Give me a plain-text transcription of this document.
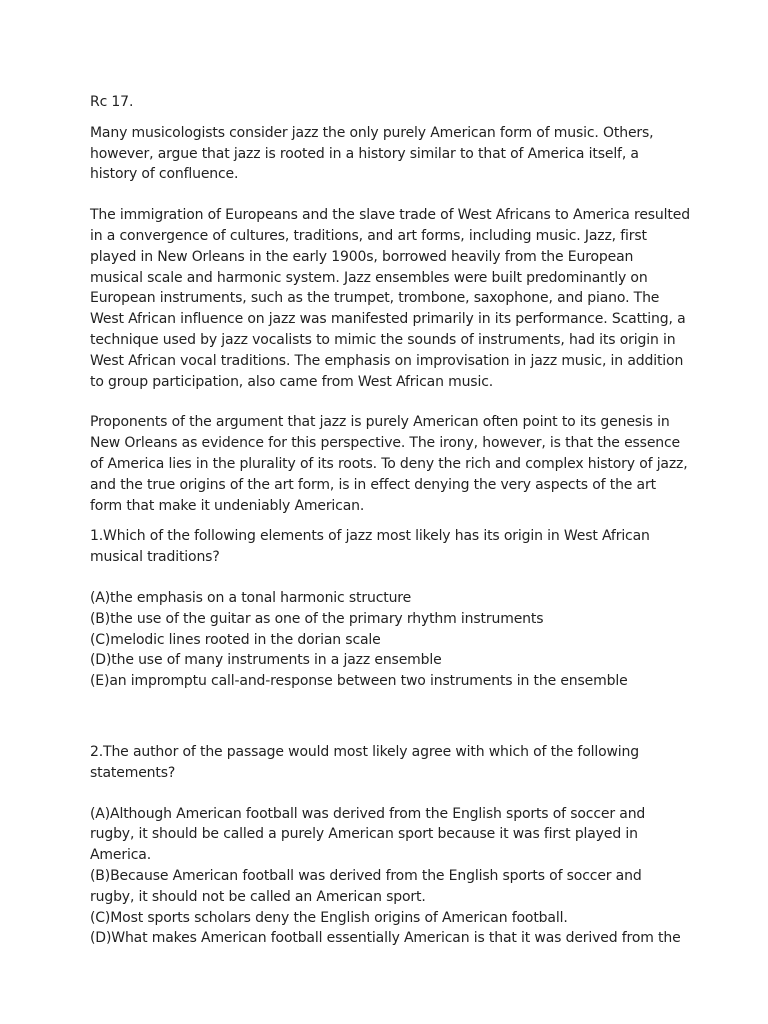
Rc 17.
Many musicologists consider jazz the only purely American form of music. Others, however, argue that jazz is rooted in a history similar to that of America itself, a history of confluence.
The immigration of Europeans and the slave trade of West Africans to America resulted in a convergence of cultures, traditions, and art forms, including music. Jazz, first played in New Orleans in the early 1900s, borrowed heavily from the European musical scale and harmonic system. Jazz ensembles were built predominantly on European instruments, such as the trumpet, trombone, saxophone, and piano. The West African influence on jazz was manifested primarily in its performance. Scatting, a technique used by jazz vocalists to mimic the sounds of instruments, had its origin in West African vocal traditions. The emphasis on improvisation in jazz music, in addition to group participation, also came from West African music.
Proponents of the argument that jazz is purely American often point to its genesis in New Orleans as evidence for this perspective. The irony, however, is that the essence of America lies in the plurality of its roots. To deny the rich and complex history of jazz, and the true origins of the art form, is in effect denying the very aspects of the art form that make it undeniably American.
1.Which of the following elements of jazz most likely has its origin in West African musical traditions?
(A)the emphasis on a tonal harmonic structure
(B)the use of the guitar as one of the primary rhythm instruments
(C)melodic lines rooted in the dorian scale
(D)the use of many instruments in a jazz ensemble
(E)an impromptu call-and-response between two instruments in the ensemble
2.The author of the passage would most likely agree with which of the following statements?
(A)Although American football was derived from the English sports of soccer and rugby, it should be called a purely American sport because it was first played in America.
(B)Because American football was derived from the English sports of soccer and rugby, it should not be called an American sport.
(C)Most sports scholars deny the English origins of American football.
(D)What makes American football essentially American is that it was derived from the
